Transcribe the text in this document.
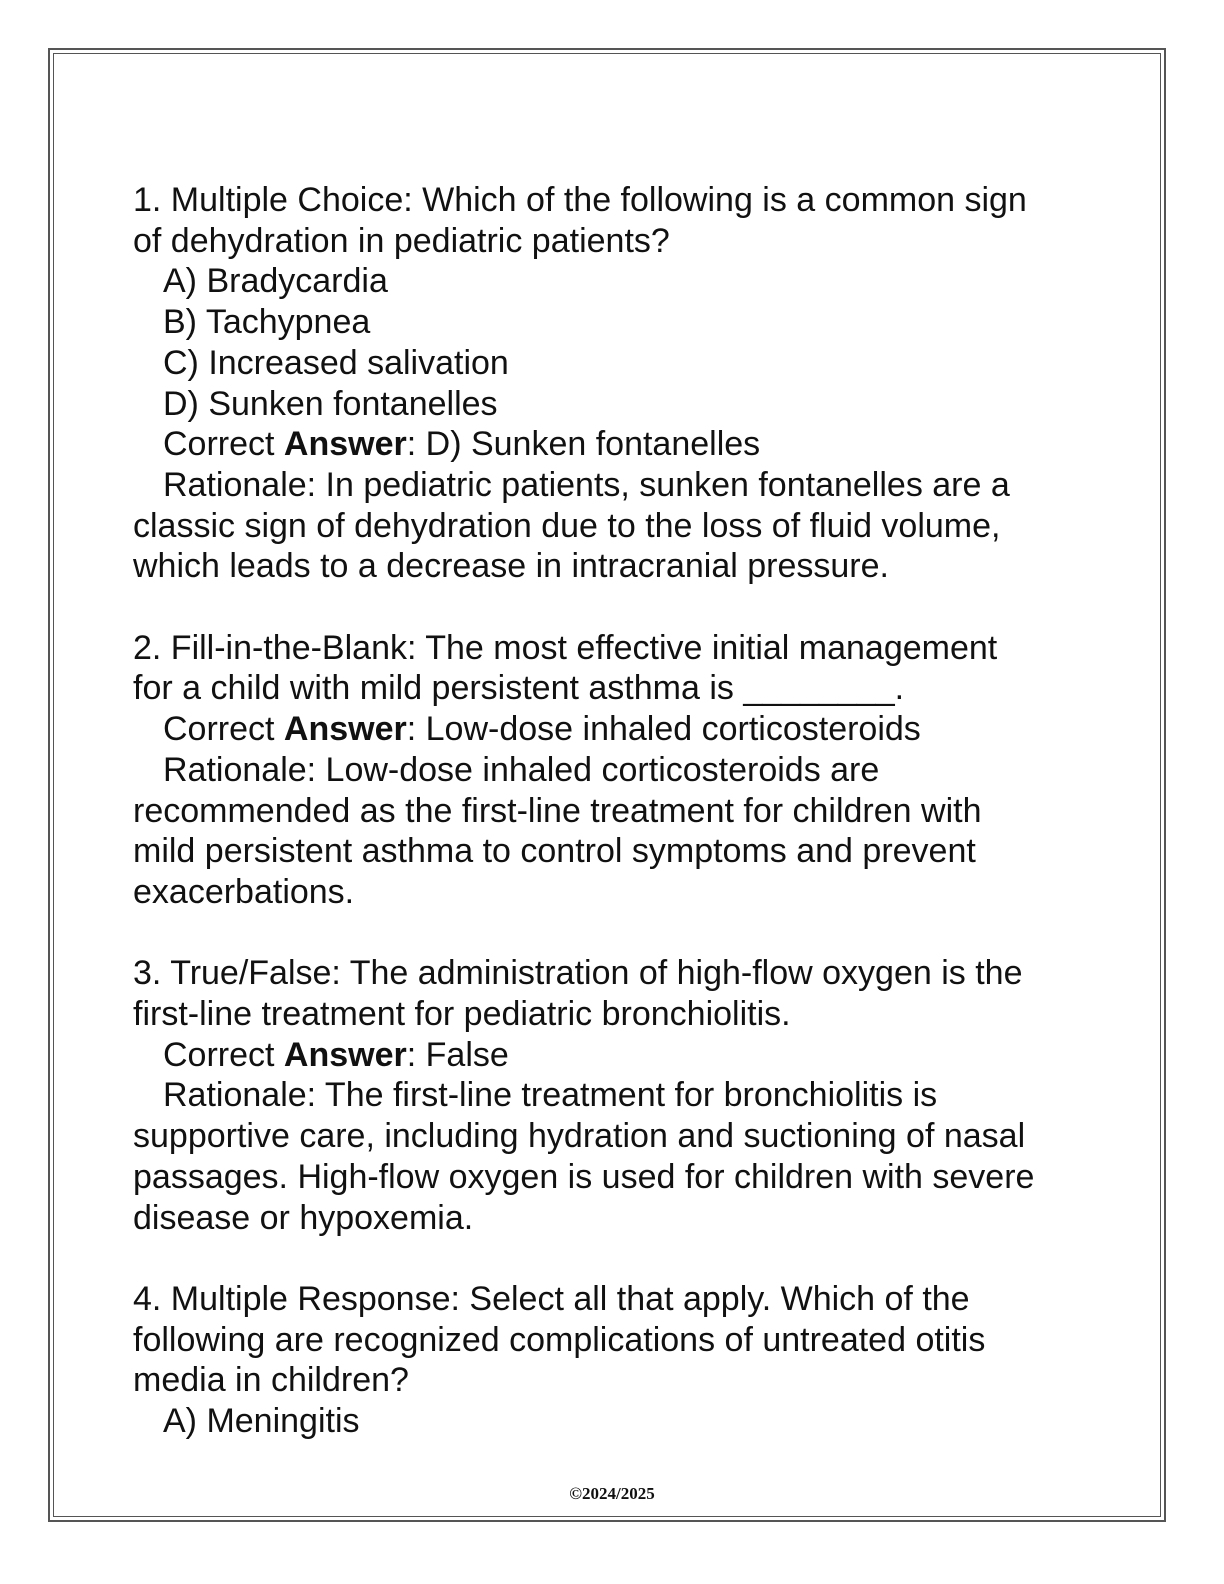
1. Multiple Choice: Which of the following is a common sign

of dehydration in pediatric patients?

A) Bradycardia

B) Tachypnea

C) Increased salivation

D) Sunken fontanelles

Correct Answer: D) Sunken fontanelles

Rationale: In pediatric patients, sunken fontanelles are a

classic sign of dehydration due to the loss of fluid volume,

which leads to a decrease in intracranial pressure.

2. Fill-in-the-Blank: The most effective initial management

for a child with mild persistent asthma is ________.

Correct Answer: Low-dose inhaled corticosteroids

Rationale: Low-dose inhaled corticosteroids are

recommended as the first-line treatment for children with

mild persistent asthma to control symptoms and prevent

exacerbations.

3. True/False: The administration of high-flow oxygen is the

first-line treatment for pediatric bronchiolitis.

Correct Answer: False

Rationale: The first-line treatment for bronchiolitis is

supportive care, including hydration and suctioning of nasal

passages. High-flow oxygen is used for children with severe

disease or hypoxemia.

4. Multiple Response: Select all that apply. Which of the

following are recognized complications of untreated otitis

media in children?

A) Meningitis

©2024/2025
